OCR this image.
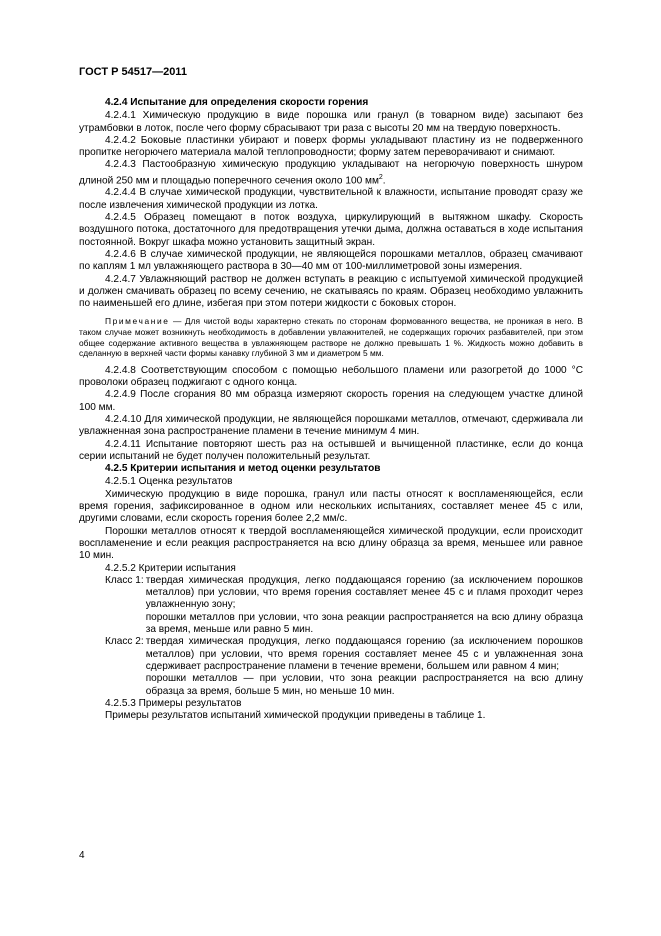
ГОСТ Р 54517—2011

4.2.4 Испытание для определения скорости горения

4.2.4.1 Химическую продукцию в виде порошка или гранул (в товарном виде) засыпают без утрамбовки в лоток, после чего форму сбрасывают три раза с высоты 20 мм на твердую поверхность.

4.2.4.2 Боковые пластинки убирают и поверх формы укладывают пластину из не подверженного пропитке негорючего материала малой теплопроводности; форму затем переворачивают и снимают.

4.2.4.3 Пастообразную химическую продукцию укладывают на негорючую поверхность шнуром длиной 250 мм и площадью поперечного сечения около 100 $мм^2$.

4.2.4.4 В случае химической продукции, чувствительной к влажности, испытание проводят сразу же после извлечения химической продукции из лотка.

4.2.4.5 Образец помещают в поток воздуха, циркулирующий в вытяжном шкафу. Скорость воздушного потока, достаточного для предотвращения утечки дыма, должна оставаться в ходе испытания постоянной. Вокруг шкафа можно установить защитный экран.

4.2.4.6 В случае химической продукции, не являющейся порошками металлов, образец смачивают по каплям 1 мл увлажняющего раствора в 30—40 мм от 100-миллиметровой зоны измерения.

4.2.4.7 Увлажняющий раствор не должен вступать в реакцию с испытуемой химической продукцией и должен смачивать образец по всему сечению, не скатываясь по краям. Образец необходимо увлажнить по наименьшей его длине, избегая при этом потери жидкости с боковых сторон.

Примечание — Для чистой воды характерно стекать по сторонам формованного вещества, не проникая в него. В таком случае может возникнуть необходимость в добавлении увлажнителей, не содержащих горючих разбавителей, при этом общее содержание активного вещества в увлажняющем растворе не должно превышать 1 %. Жидкость можно добавить в сделанную в верхней части формы канавку глубиной 3 мм и диаметром 5 мм.

4.2.4.8 Соответствующим способом с помощью небольшого пламени или разогретой до 1000 °С проволоки образец поджигают с одного конца.

4.2.4.9 После сгорания 80 мм образца измеряют скорость горения на следующем участке длиной 100 мм.

4.2.4.10 Для химической продукции, не являющейся порошками металлов, отмечают, сдерживала ли увлажненная зона распространение пламени в течение минимум 4 мин.

4.2.4.11 Испытание повторяют шесть раз на остывшей и вычищенной пластинке, если до конца серии испытаний не будет получен положительный результат.

4.2.5 Критерии испытания и метод оценки результатов

4.2.5.1 Оценка результатов

Химическую продукцию в виде порошка, гранул или пасты относят к воспламеняющейся, если время горения, зафиксированное в одном или нескольких испытаниях, составляет менее 45 с или, другими словами, если скорость горения более 2,2 мм/с.

Порошки металлов относят к твердой воспламеняющейся химической продукции, если происходит воспламенение и если реакция распространяется на всю длину образца за время, меньшее или равное 10 мин.

4.2.5.2 Критерии испытания

Класс 1: твердая химическая продукция, легко поддающаяся горению (за исключением порошков металлов) при условии, что время горения составляет менее 45 с и пламя проходит через увлажненную зону;

порошки металлов при условии, что зона реакции распространяется на всю длину образца за время, меньше или равно 5 мин.

Класс 2: твердая химическая продукция, легко поддающаяся горению (за исключением порошков металлов) при условии, что время горения составляет менее 45 с и увлажненная зона сдерживает распространение пламени в течение времени, большем или равном 4 мин;

порошки металлов — при условии, что зона реакции распространяется на всю длину образца за время, больше 5 мин, но меньше 10 мин.

4.2.5.3 Примеры результатов

Примеры результатов испытаний химической продукции приведены в таблице 1.

4
